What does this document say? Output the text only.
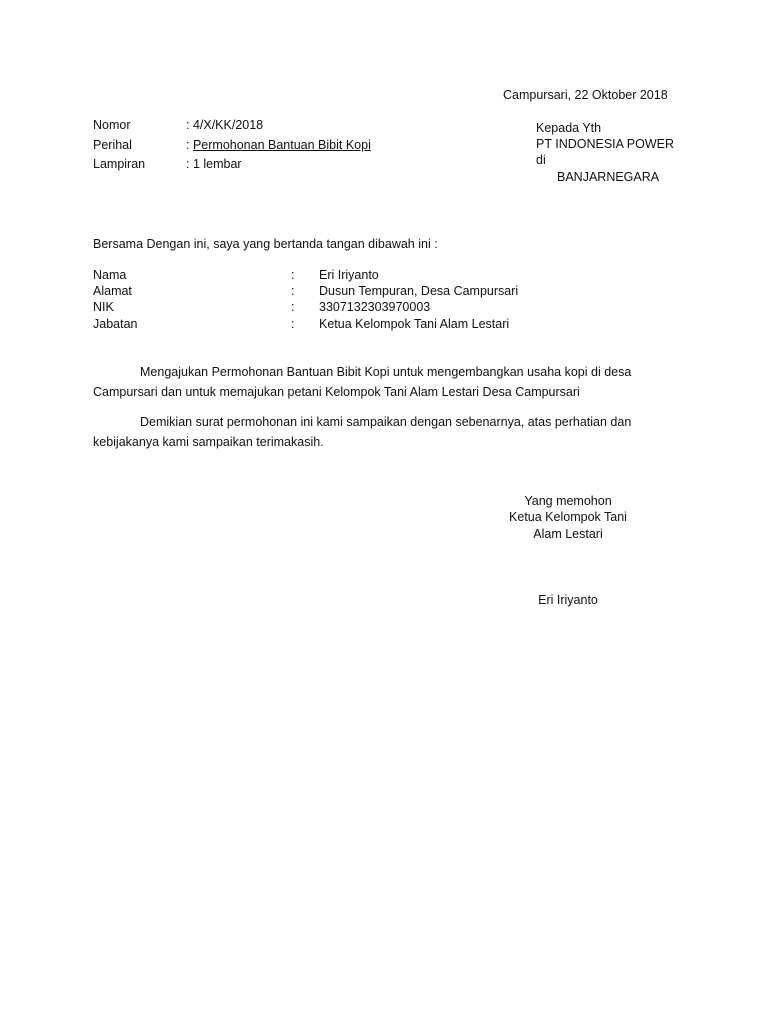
Campursari, 22 Oktober 2018
Nomor	: 4/X/KK/2018
Perihal	: Permohonan Bantuan Bibit Kopi
Lampiran	: 1 lembar
Kepada Yth
PT INDONESIA POWER
di
BANJARNEGARA
Bersama Dengan ini, saya yang bertanda tangan dibawah ini :
Nama	: Eri Iriyanto
Alamat	: Dusun Tempuran, Desa Campursari
NIK	: 3307132303970003
Jabatan	: Ketua Kelompok Tani Alam Lestari
Mengajukan Permohonan Bantuan Bibit Kopi untuk mengembangkan usaha kopi di desa Campursari dan untuk memajukan petani Kelompok Tani Alam Lestari Desa Campursari
Demikian surat permohonan ini kami sampaikan dengan sebenarnya, atas perhatian dan kebijakanya kami sampaikan terimakasih.
Yang memohon
Ketua Kelompok Tani
Alam Lestari
Eri Iriyanto
